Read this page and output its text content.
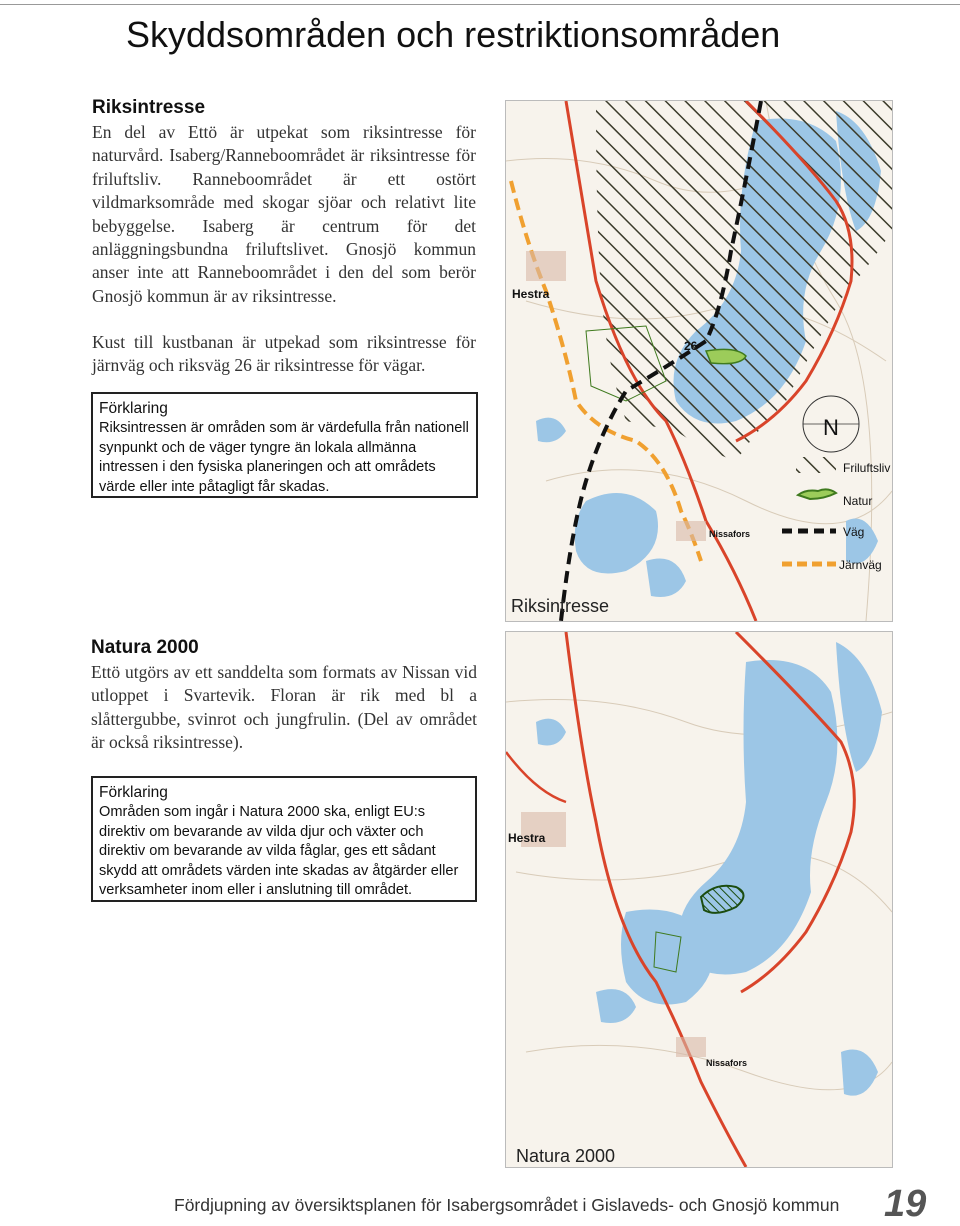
Skyddsområden och restriktionsområden
Riksintresse
En del av Ettö är utpekat som riksintresse för naturvård. Isaberg/Ranneboområdet är riksintresse för friluftsliv. Ranneboområdet är ett ostört vildmarksområde med skogar sjöar och relativt lite bebyggelse. Isaberg är centrum för det anläggningsbundna friluftslivet. Gnosjö kommun anser inte att Ranneboområdet i den del som berör Gnosjö kommun är av riksintresse.
Kust till kustbanan är utpekad som riksintresse för järnväg och riksväg 26 är riksintresse för vägar.
Förklaring
Riksintressen är områden som är värdefulla från nationell synpunkt och de väger tyngre än lokala allmänna intressen i den fysiska planeringen och att områdets värde eller inte påtagligt får skadas.
Natura 2000
Ettö utgörs av ett sanddelta som formats av Nissan vid utloppet i Svartevik. Floran är rik med bl a slåttergubbe, svinrot och jungfrulin. (Del av området är också riksintresse).
Förklaring
Områden som ingår i Natura 2000 ska, enligt EU:s direktiv om bevarande av vilda djur och växter och direktiv om bevarande av vilda fåglar, ges ett sådant skydd att områdets värden inte skadas av åtgärder eller verksamheter inom eller i anslutning till området.
Hestra
Nissafors
26
N
Friluftsliv
Natur
Väg
Järnväg
Riksintresse
Hestra
Nissafors
Natura 2000
Fördjupning av översiktsplanen för Isabergsområdet i Gislaveds- och Gnosjö kommun 19
